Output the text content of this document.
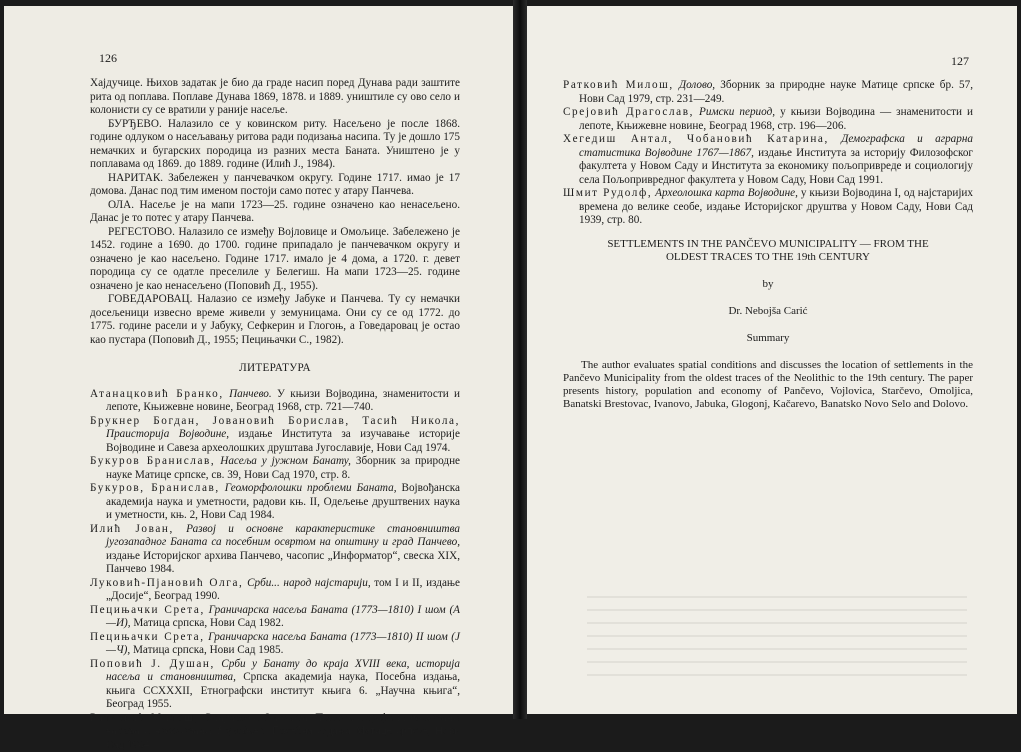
126

Хајдучице. Њихов задатак је био да граде насип поред Дунава ради заштите рита од поплава. Поплаве Дунава 1869, 1878. и 1889. уништиле су ово село и колонисти су се вратили у раније насеље.

БУРЂЕВО. Налазило се у ковинском риту. Насељено је после 1868. године одлуком о насељавању ритова ради подизања насипа. Ту је дошло 175 немачких и бугарских породица из разних места Баната. Уништено је у поплавама од 1869. до 1889. године (Илић Ј., 1984).

НАРИТАК. Забележен у панчевачком округу. Године 1717. имао је 17 домова. Данас под тим именом постоји само потес у атару Панчева.

ОЛА. Насеље је на мапи 1723—25. године означено као ненасељено. Данас је то потес у атару Панчева.

РЕГЕСТОВО. Налазило се између Војловице и Омољице. Забележено је 1452. године а 1690. до 1700. године припадало је панчевачком округу и означено је као насељено. Године 1717. имало је 4 дома, а 1720. г. девет породица су се одатле преселиле у Белегиш. На мапи 1723—25. године означено је као ненасељено (Поповић Д., 1955).

ГОВЕДАРОВАЦ. Налазио се између Јабуке и Панчева. Ту су немачки досељеници извесно време живели у земуницама. Они су се од 1772. до 1775. године расели и у Јабуку, Сефкерин и Глогоњ, а Говедаровац је остао као пустара (Поповић Д., 1955; Пецињачки С., 1982).

ЛИТЕРАТУРА

Атанацковић Бранко, Панчево. У књизи Војводина, знаменитости и лепоте, Књижевне новине, Београд 1968, стр. 721—740.

Брукнер Богдан, Јовановић Борислав, Тасић Никола, Праисторија Војводине, издање Института за изучавање историје Војводине и Савеза археолошких друштава Југославије, Нови Сад 1974.

Букуров Бранислав, Насеља у јужном Банату, Зборник за природне науке Матице српске, св. 39, Нови Сад 1970, стр. 8.

Букуров, Бранислав, Геоморфолошки проблеми Баната, Војвођанска академија наука и уметности, радови књ. II, Одељење друштвених наука и уметности, књ. 2, Нови Сад 1984.

Илић Јован, Развој и основне карактеристике становништва југозападног Баната са посебним освртом на општину и град Панчево, издање Историјског архива Панчево, часопис „Информатор“, свеска XIX, Панчево 1984.

Луковић-Пјановић Олга, Срби... народ најстарији, том I и II, издање „Досије“, Београд 1990.

Пецињачки Срета, Граничарска насеља Баната (1773—1810) I шом (А—И), Матица српска, Нови Сад 1982.

Пецињачки Срета, Граничарска насеља Баната (1773—1810) II шом (Ј—Ч), Матица српска, Нови Сад 1985.

Поповић Ј. Душан, Срби у Банату до краја XVIII века, историја насеља и становништва, Српска академија наука, Посебна издања, књига CCXXXII, Етнографски институт књига 6. „Научна књига“, Београд 1955.

Ратковић Милош, Старчево и Омољица. Прилози и грађа за познавање насеља и насељавања Војводине, Посебна издања Матице српске, Нови Сад 1964.

127

Ратковић Милош, Долово, Зборник за природне науке Матице српске бр. 57, Нови Сад 1979, стр. 231—249.

Срејовић Драгослав, Римски период, у књизи Војводина — знаменитости и лепоте, Књижевне новине, Београд 1968, стр. 196—206.

Хегедиш Антал, Чобановић Катарина, Демографска и аграрна статистика Војводине 1767—1867, издање Института за историју Филозофског факултета у Новом Саду и Института за економику пољопривреде и социологију села Пољопривредног факултета у Новом Саду, Нови Сад 1991.

Шмит Рудолф, Археолошка карта Војводине, у књизи Војводина I, од најстаријих времена до велике сеобе, издање Историјског друштва у Новом Саду, Нови Сад 1939, стр. 80.

SETTLEMENTS IN THE PANČEVO MUNICIPALITY — FROM THE

OLDEST TRACES TO THE 19th CENTURY

by

Dr. Nebojša Carić

Summary

The author evaluates spatial conditions and discusses the location of settlements in the Pančevo Municipality from the oldest traces of the Neolithic to the 19th century. The paper presents history, population and economy of Pančevo, Vojlovica, Starčevo, Omoljica, Banatski Brestovac, Ivanovo, Jabuka, Glogonj, Kačarevo, Banatsko Novo Selo and Dolovo.
